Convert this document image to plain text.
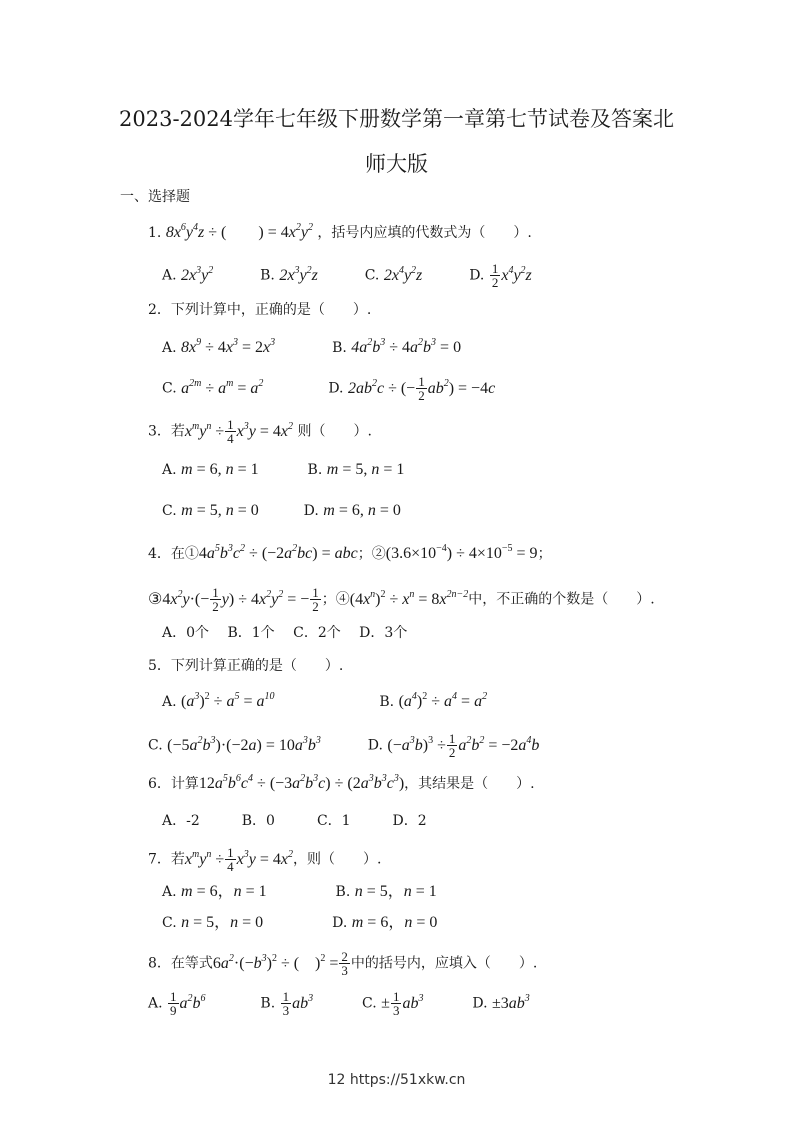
2023-2024学年七年级下册数学第一章第七节试卷及答案北
师大版
一、选择题
1. $8x^6y^4z$ ÷ (　　) = $4x^2y^2$ ，括号内应填的代数式为（　　）.
A. $2x^3y^2$	B. $2x^3y^2z$	C. $2x^4y^2z$	D. $\frac{1}{2} x^4y^2z$
2．下列计算中，正确的是（　　）.
A. $8x^9 \div 4x^3 = 2x^3$	B. $4a^2b^3 \div 4a^2b^3 = 0$
C. $a^{2m} \div a^m = a^2$	D. $2ab^2c$ ÷ (− $\frac{1}{2} ab^2) = -4c$
3．若$x^my^n \div \frac{1}{4} x^3y = 4x^2$ 则（　　）.
A. m = 6, n = 1	B. m = 5, n = 1
C. m = 5, n = 0	D. m = 6, n = 0
4．在$①4a^5b^3c^2 \div (-2a^2bc)$ = abc；$②(3.6\times 10^{-4}) \div 4\times 10^{-5} = 9$；
$③4x^2y\cdot(- \frac{1}{2} y) \div 4x^2y^2$ = − $\frac{1}{2}$ ；$④(4x^n)^2 \div x^n = 8x^{2n-2}$中，不正确的个数是（　　）.
A．0个　 B．1个　 C．2个　 D．3个
5．下列计算正确的是（　　）.
A. $(a^3)^2 \div a^5 = a^{10}$	B. $(a^4)^2 \div a^4 = a^2$
C. $(-5a^2b^3)\cdot(-2a) = 10a^3b^3$	D. $(-a^3b)^3 \div \frac{1}{2} a^2b^2 = -2a^4b$
6．计算$12a^5b^6c^4 \div (-3a^2b^3c) \div (2a^3b^3c^3)$，其结果是（　　）.
A．-2　　　B．0　　　C．1　　　D．2
7．若$x^my^n \div \frac{1}{4} x^3y = 4x^2$，则（　　）.
A. m = 6，n = 1	B. n = 5，n = 1
C. n = 5，n = 0	D. m = 6，n = 0
8．在等式$6a^2\cdot(-b^3)^2$ ÷ (　)$^2 = \frac{2}{3}$ 中的括号内，应填入（　　）.
A. $\frac{1}{9} a^2b^6$	B. $\frac{1}{3} ab^3$	C. ± $\frac{1}{3} ab^3$	D. $\pm 3ab^3$
12 https://51xkw.cn
